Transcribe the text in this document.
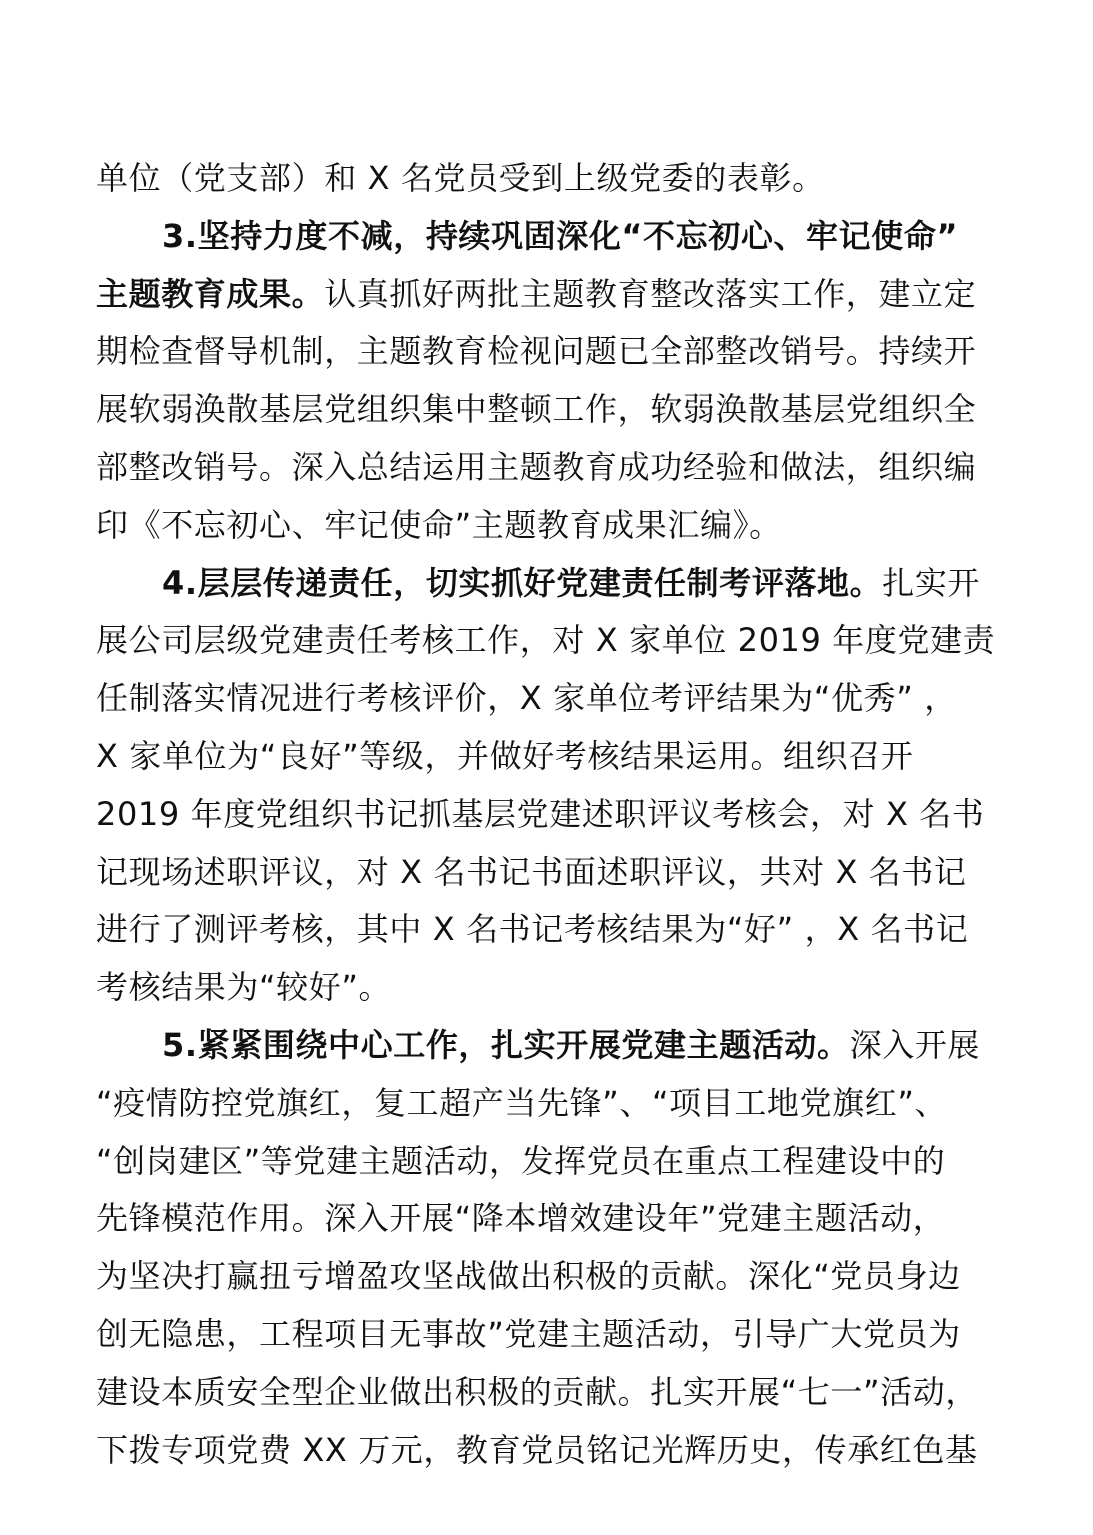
单位（党支部）和 X 名党员受到上级党委的表彰。
3.坚持力度不减，持续巩固深化“不忘初心、牢记使命”
主题教育成果。认真抓好两批主题教育整改落实工作，建立定
期检查督导机制，主题教育检视问题已全部整改销号。持续开
展软弱涣散基层党组织集中整顿工作，软弱涣散基层党组织全
部整改销号。深入总结运用主题教育成功经验和做法，组织编
印《不忘初心、牢记使命”主题教育成果汇编》。
4.层层传递责任，切实抓好党建责任制考评落地。扎实开
展公司层级党建责任考核工作，对 X 家单位 2019 年度党建责
任制落实情况进行考核评价，X 家单位考评结果为“优秀” ，
X 家单位为“良好”等级，并做好考核结果运用。组织召开
2019 年度党组织书记抓基层党建述职评议考核会，对 X 名书
记现场述职评议，对 X 名书记书面述职评议，共对 X 名书记
进行了测评考核，其中 X 名书记考核结果为“好” ，X 名书记
考核结果为“较好”。
5.紧紧围绕中心工作，扎实开展党建主题活动。深入开展
“疫情防控党旗红，复工超产当先锋”、“项目工地党旗红”、
“创岗建区”等党建主题活动，发挥党员在重点工程建设中的
先锋模范作用。深入开展“降本增效建设年”党建主题活动，
为坚决打赢扭亏增盈攻坚战做出积极的贡献。深化“党员身边
创无隐患，工程项目无事故”党建主题活动，引导广大党员为
建设本质安全型企业做出积极的贡献。扎实开展“七一”活动，
下拨专项党费 XX 万元，教育党员铭记光辉历史，传承红色基
